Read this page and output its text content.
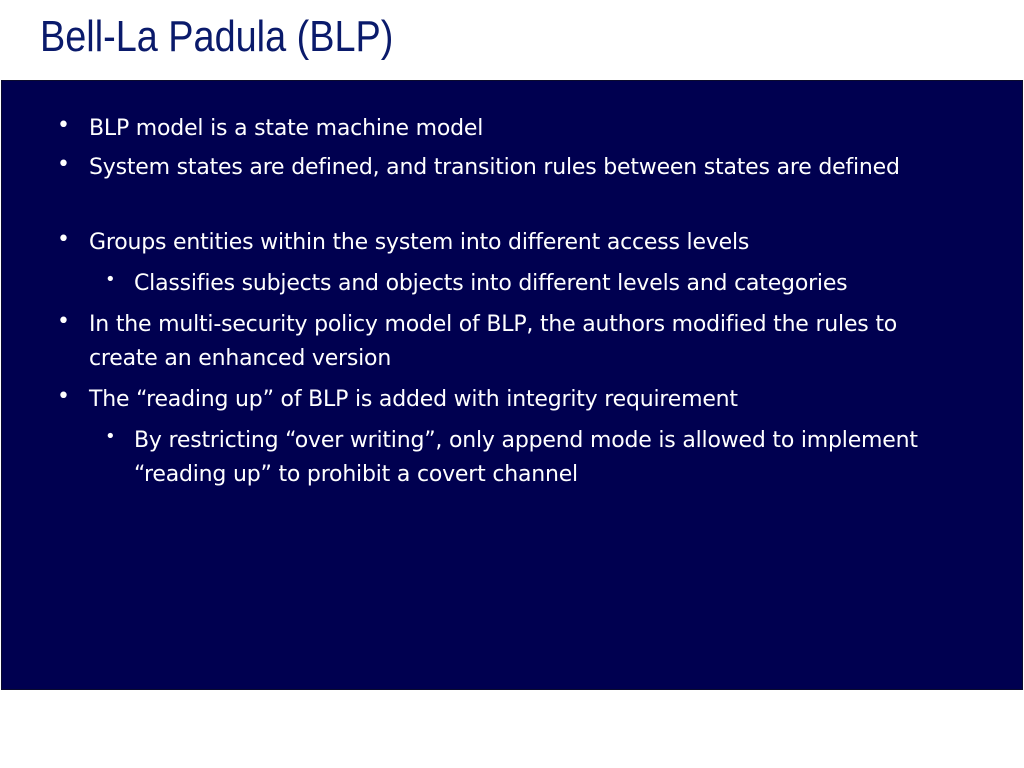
Bell-La Padula (BLP)
• BLP model is a state machine model

• System states are defined, and transition rules between states are defined

• Groups entities within the system into different access levels

• Classifies subjects and objects into different levels and categories

• In the multi-security policy model of BLP, the authors modified the rules to create an enhanced version

• The “reading up” of BLP is added with integrity requirement

• By restricting “over writing”, only append mode is allowed to implement “reading up” to prohibit a covert channel
